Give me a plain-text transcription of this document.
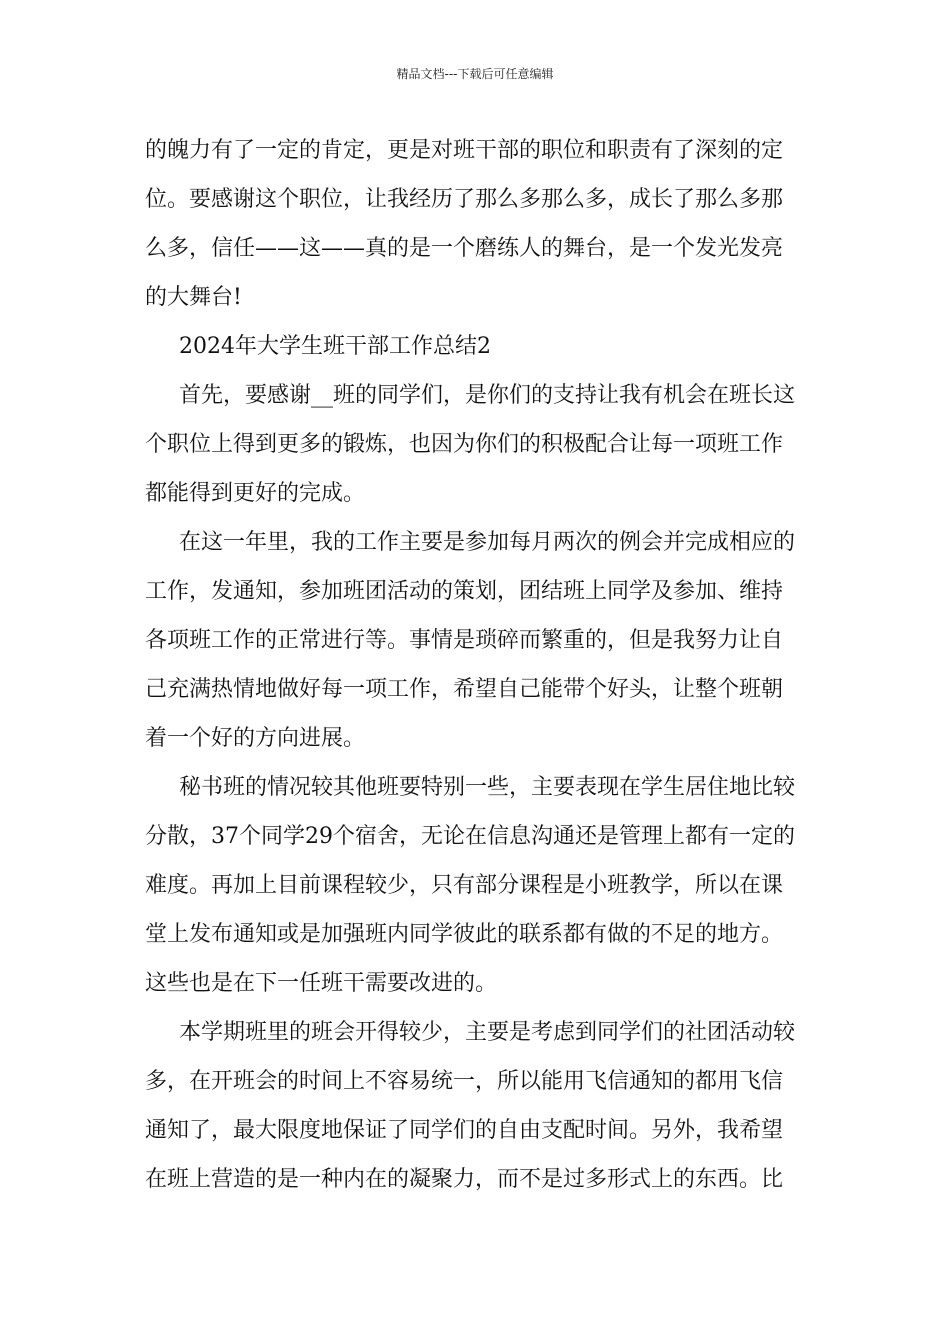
精品文档---下载后可任意编辑
的魄力有了一定的肯定，更是对班干部的职位和职责有了深刻的定
位。要感谢这个职位，让我经历了那么多那么多，成长了那么多那
么多，信任——这——真的是一个磨练人的舞台，是一个发光发亮
的大舞台!
2024年大学生班干部工作总结2
首先，要感谢__班的同学们，是你们的支持让我有机会在班长这
个职位上得到更多的锻炼，也因为你们的积极配合让每一项班工作
都能得到更好的完成。
在这一年里，我的工作主要是参加每月两次的例会并完成相应的
工作，发通知，参加班团活动的策划，团结班上同学及参加、维持
各项班工作的正常进行等。事情是琐碎而繁重的，但是我努力让自
己充满热情地做好每一项工作，希望自己能带个好头，让整个班朝
着一个好的方向进展。
秘书班的情况较其他班要特别一些，主要表现在学生居住地比较
分散，37个同学29个宿舍，无论在信息沟通还是管理上都有一定的
难度。再加上目前课程较少，只有部分课程是小班教学，所以在课
堂上发布通知或是加强班内同学彼此的联系都有做的不足的地方。
这些也是在下一任班干需要改进的。
本学期班里的班会开得较少，主要是考虑到同学们的社团活动较
多，在开班会的时间上不容易统一，所以能用飞信通知的都用飞信
通知了，最大限度地保证了同学们的自由支配时间。另外，我希望
在班上营造的是一种内在的凝聚力，而不是过多形式上的东西。比
